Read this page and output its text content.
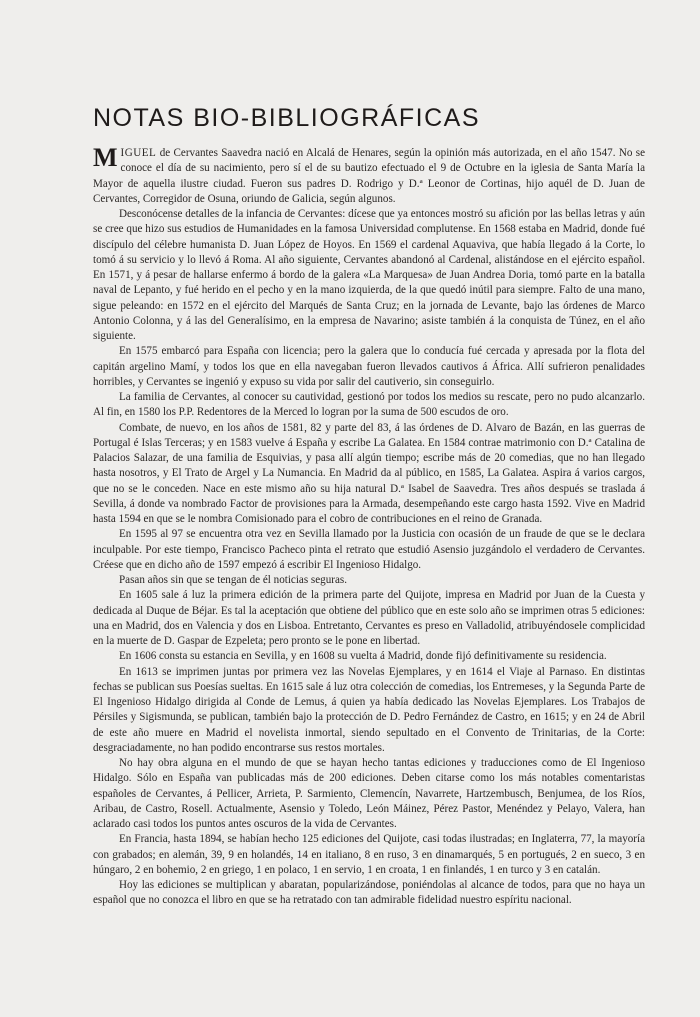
NOTAS BIO-BIBLIOGRÁFICAS

MIGUEL de Cervantes Saavedra nació en Alcalá de Henares, según la opinión más autorizada, en el año 1547. No se conoce el día de su nacimiento, pero sí el de su bautizo efectuado el 9 de Octubre en la iglesia de Santa María la Mayor de aquella ilustre ciudad. Fueron sus padres D. Rodrigo y D.ª Leonor de Cortinas, hijo aquél de D. Juan de Cervantes, Corregidor de Osuna, oriundo de Galicia, según algunos.

Desconócense detalles de la infancia de Cervantes: dícese que ya entonces mostró su afición por las bellas letras y aún se cree que hizo sus estudios de Humanidades en la famosa Universidad complutense. En 1568 estaba en Madrid, donde fué discípulo del célebre humanista D. Juan López de Hoyos. En 1569 el cardenal Aquaviva, que había llegado á la Corte, lo tomó á su servicio y lo llevó á Roma. Al año siguiente, Cervantes abandonó al Cardenal, alistándose en el ejército español. En 1571, y á pesar de hallarse enfermo á bordo de la galera «La Marquesa» de Juan Andrea Doria, tomó parte en la batalla naval de Lepanto, y fué herido en el pecho y en la mano izquierda, de la que quedó inútil para siempre. Falto de una mano, sigue peleando: en 1572 en el ejército del Marqués de Santa Cruz; en la jornada de Levante, bajo las órdenes de Marco Antonio Colonna, y á las del Generalísimo, en la empresa de Navarino; asiste también á la conquista de Túnez, en el año siguiente.

En 1575 embarcó para España con licencia; pero la galera que lo conducía fué cercada y apresada por la flota del capitán argelino Mamí, y todos los que en ella navegaban fueron llevados cautivos á África. Allí sufrieron penalidades horribles, y Cervantes se ingenió y expuso su vida por salir del cautiverio, sin conseguirlo.

La familia de Cervantes, al conocer su cautividad, gestionó por todos los medios su rescate, pero no pudo alcanzarlo. Al fin, en 1580 los P.P. Redentores de la Merced lo logran por la suma de 500 escudos de oro.

Combate, de nuevo, en los años de 1581, 82 y parte del 83, á las órdenes de D. Alvaro de Bazán, en las guerras de Portugal é Islas Terceras; y en 1583 vuelve á España y escribe La Galatea. En 1584 contrae matrimonio con D.ª Catalina de Palacios Salazar, de una familia de Esquivias, y pasa allí algún tiempo; escribe más de 20 comedias, que no han llegado hasta nosotros, y El Trato de Argel y La Numancia. En Madrid da al público, en 1585, La Galatea. Aspira á varios cargos, que no se le conceden. Nace en este mismo año su hija natural D.ª Isabel de Saavedra. Tres años después se traslada á Sevilla, á donde va nombrado Factor de provisiones para la Armada, desempeñando este cargo hasta 1592. Vive en Madrid hasta 1594 en que se le nombra Comisionado para el cobro de contribuciones en el reino de Granada.

En 1595 al 97 se encuentra otra vez en Sevilla llamado por la Justicia con ocasión de un fraude de que se le declara inculpable. Por este tiempo, Francisco Pacheco pinta el retrato que estudió Asensio juzgándolo el verdadero de Cervantes. Créese que en dicho año de 1597 empezó á escribir El Ingenioso Hidalgo.

Pasan años sin que se tengan de él noticias seguras.

En 1605 sale á luz la primera edición de la primera parte del Quijote, impresa en Madrid por Juan de la Cuesta y dedicada al Duque de Béjar. Es tal la aceptación que obtiene del público que en este solo año se imprimen otras 5 ediciones: una en Madrid, dos en Valencia y dos en Lisboa. Entretanto, Cervantes es preso en Valladolid, atribuyéndosele complicidad en la muerte de D. Gaspar de Ezpeleta; pero pronto se le pone en libertad.

En 1606 consta su estancia en Sevilla, y en 1608 su vuelta á Madrid, donde fijó definitivamente su residencia.

En 1613 se imprimen juntas por primera vez las Novelas Ejemplares, y en 1614 el Viaje al Parnaso. En distintas fechas se publican sus Poesías sueltas. En 1615 sale á luz otra colección de comedias, los Entremeses, y la Segunda Parte de El Ingenioso Hidalgo dirigida al Conde de Lemus, á quien ya había dedicado las Novelas Ejemplares. Los Trabajos de Pérsiles y Sigismunda, se publican, también bajo la protección de D. Pedro Fernández de Castro, en 1615; y en 24 de Abril de este año muere en Madrid el novelista inmortal, siendo sepultado en el Convento de Trinitarias, de la Corte: desgraciadamente, no han podido encontrarse sus restos mortales.

No hay obra alguna en el mundo de que se hayan hecho tantas ediciones y traducciones como de El Ingenioso Hidalgo. Sólo en España van publicadas más de 200 ediciones. Deben citarse como los más notables comentaristas españoles de Cervantes, á Pellicer, Arrieta, P. Sarmiento, Clemencín, Navarrete, Hartzembusch, Benjumea, de los Ríos, Aribau, de Castro, Rosell. Actualmente, Asensio y Toledo, León Máinez, Pérez Pastor, Menéndez y Pelayo, Valera, han aclarado casi todos los puntos antes oscuros de la vida de Cervantes.

En Francia, hasta 1894, se habían hecho 125 ediciones del Quijote, casi todas ilustradas; en Inglaterra, 77, la mayoría con grabados; en alemán, 39, 9 en holandés, 14 en italiano, 8 en ruso, 3 en dinamarqués, 5 en portugués, 2 en sueco, 3 en húngaro, 2 en bohemio, 2 en griego, 1 en polaco, 1 en servio, 1 en croata, 1 en finlandés, 1 en turco y 3 en catalán.

Hoy las ediciones se multiplican y abaratan, popularizándose, poniéndolas al alcance de todos, para que no haya un español que no conozca el libro en que se ha retratado con tan admirable fidelidad nuestro espíritu nacional.
